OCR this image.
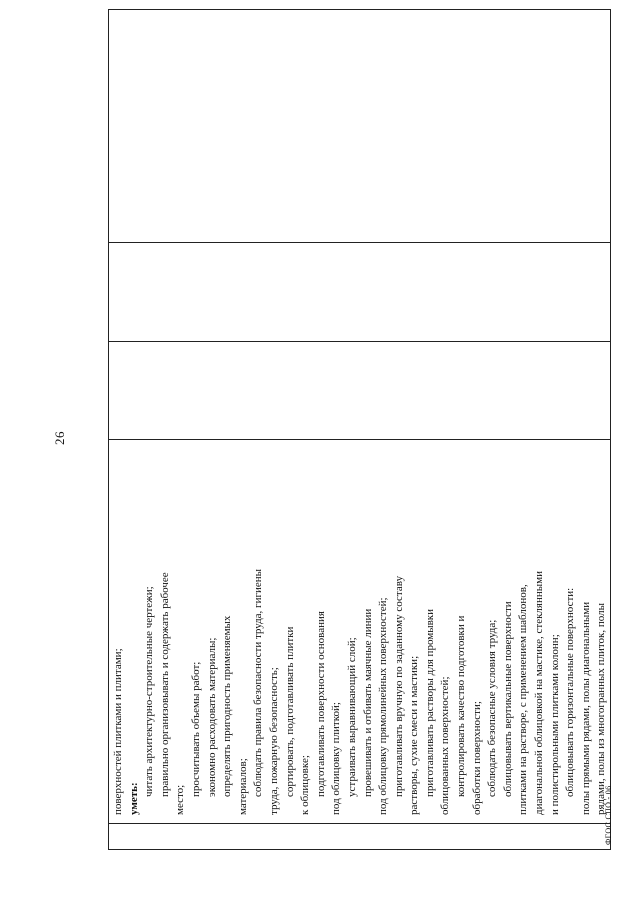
26

поверхностей плитками и плитами; уметь:

читать архитектурно-строительные чертежи; правильно организовывать и содержать рабочее

место;

просчитывать объемы работ; экономно расходовать материалы; определять пригодность применяемых материалов; соблюдать правила безопасности труда, гигиены труда, пожарную безопасность; сортировать, подготавливать плитки к облицовке; подготавливать поверхности основания под облицовку плиткой; устраивать выравнивающий слой; провешивать и отбивать маячные линии под облицовку прямолинейных поверхностей; приготавливать вручную по заданному составу растворы, сухие смеси и мастики; приготавливать растворы для промывки облицованных поверхностей; контролировать качество подготовки и обработки поверхности; соблюдать безопасные условия труда; облицовывать вертикальные поверхности плитками на растворе, с применением шаблонов, диагональной облицовкой на мастике, стеклянными и полистирольными плитками колонн; облицовывать горизонтальные поверхности: полы прямыми рядами, полы диагональными рядами, полы из многогранных плиток, полы

ФГОС СПО - 06
